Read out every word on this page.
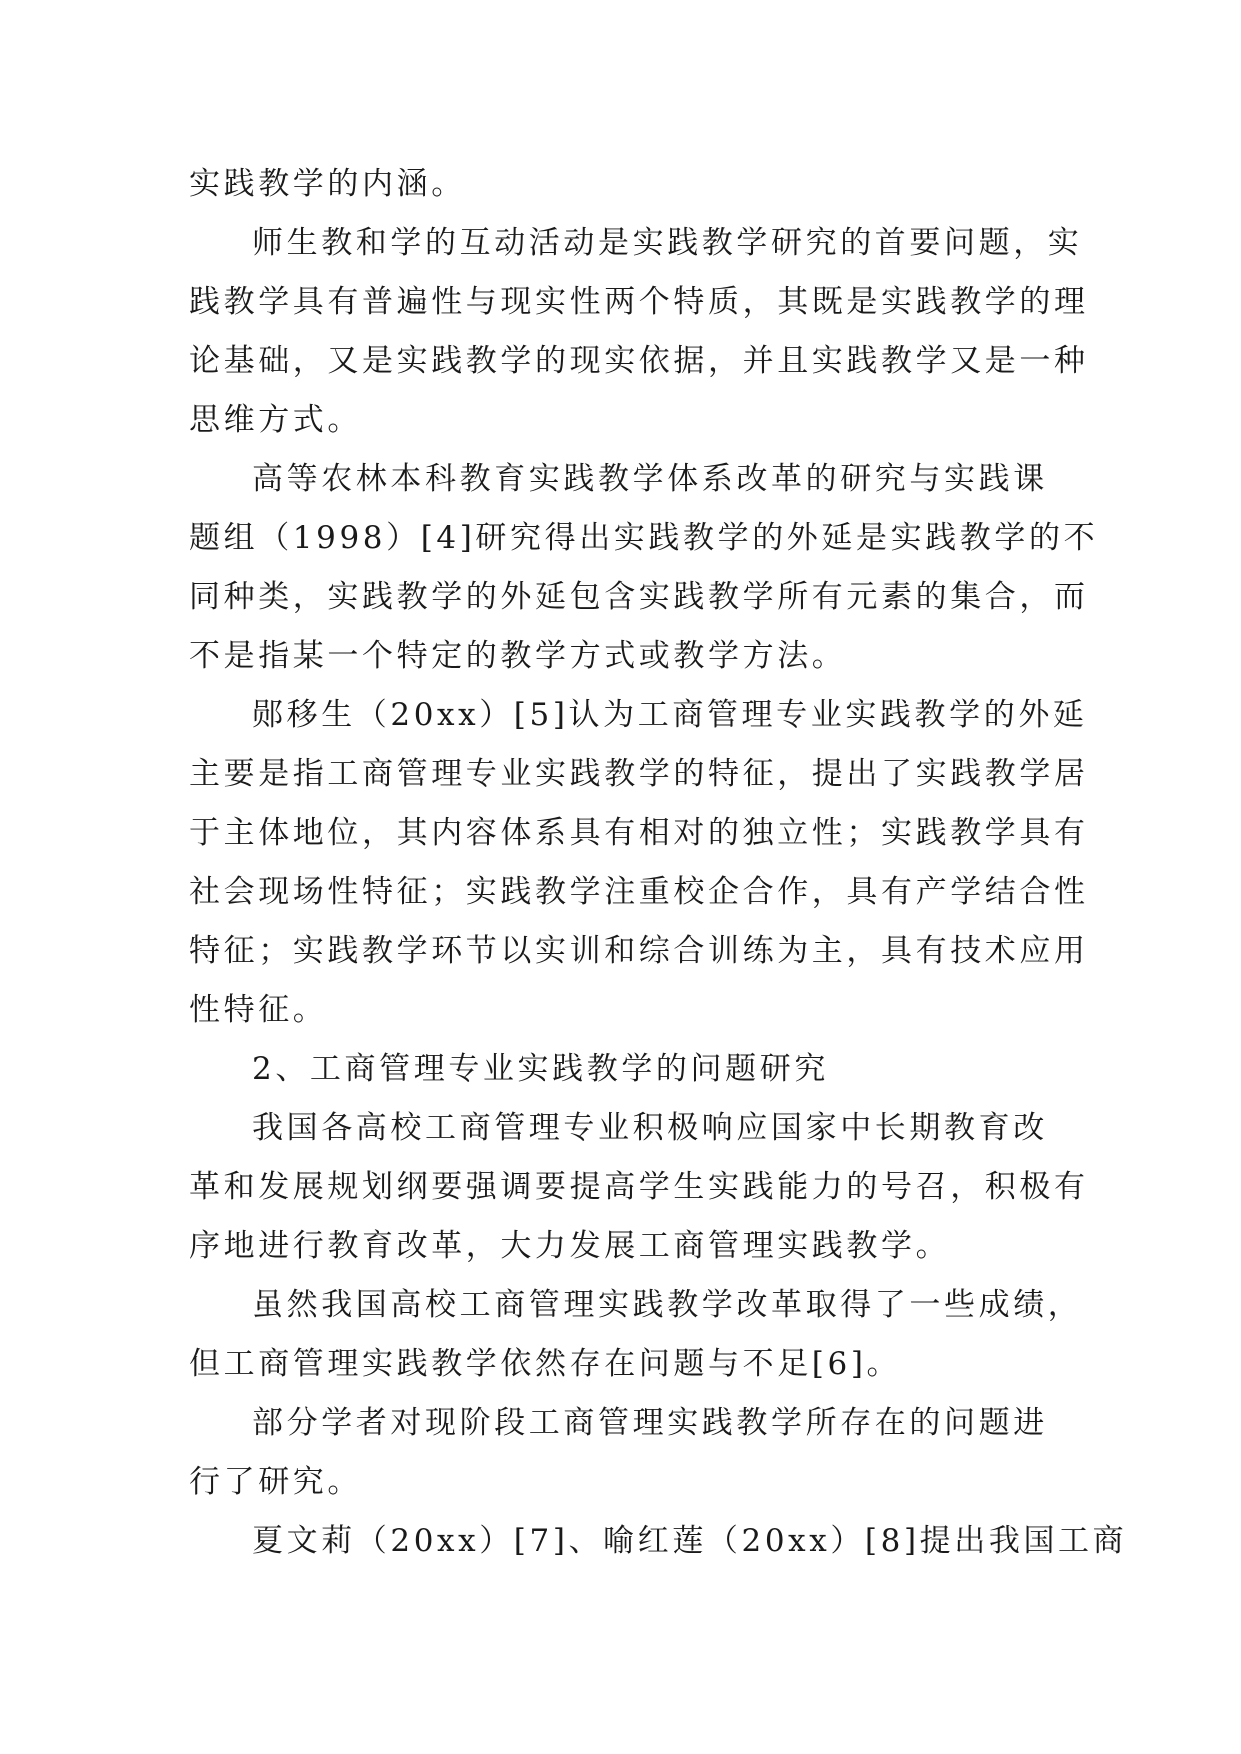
实践教学的内涵。
师生教和学的互动活动是实践教学研究的首要问题，实
践教学具有普遍性与现实性两个特质，其既是实践教学的理
论基础，又是实践教学的现实依据，并且实践教学又是一种
思维方式。
高等农林本科教育实践教学体系改革的研究与实践课
题组（1998）[4]研究得出实践教学的外延是实践教学的不
同种类，实践教学的外延包含实践教学所有元素的集合，而
不是指某一个特定的教学方式或教学方法。
郧移生（20xx）[5]认为工商管理专业实践教学的外延
主要是指工商管理专业实践教学的特征，提出了实践教学居
于主体地位，其内容体系具有相对的独立性；实践教学具有
社会现场性特征；实践教学注重校企合作，具有产学结合性
特征；实践教学环节以实训和综合训练为主，具有技术应用
性特征。
2、工商管理专业实践教学的问题研究
我国各高校工商管理专业积极响应国家中长期教育改
革和发展规划纲要强调要提高学生实践能力的号召，积极有
序地进行教育改革，大力发展工商管理实践教学。
虽然我国高校工商管理实践教学改革取得了一些成绩，
但工商管理实践教学依然存在问题与不足[6]。
部分学者对现阶段工商管理实践教学所存在的问题进
行了研究。
夏文莉（20xx）[7]、喻红莲（20xx）[8]提出我国工商
